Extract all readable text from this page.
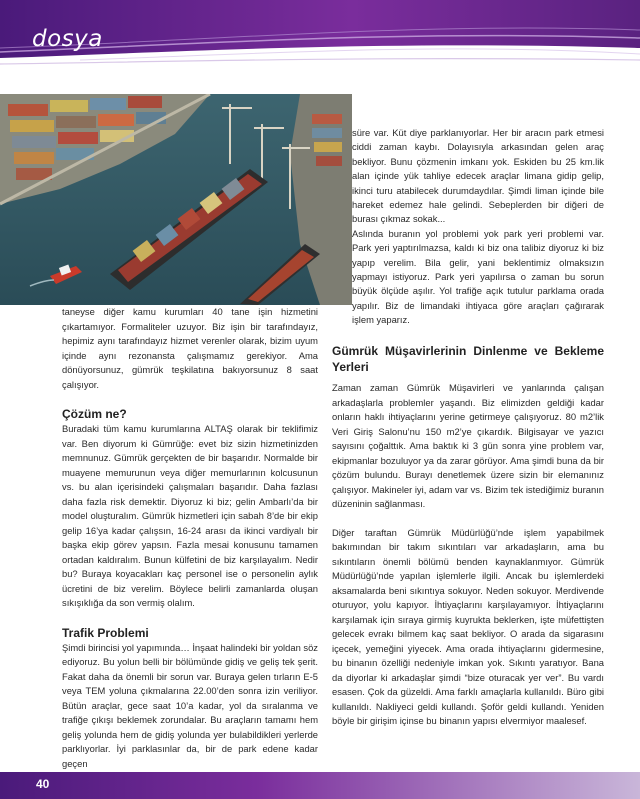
dosya

süre var. Küt diye parklanıyorlar. Her bir aracın park etmesi ciddi zaman kaybı. Dolayısıyla arkasından gelen araç bekliyor. Bunu çözmenin imkanı yok. Eskiden bu 25 km.lik alan içinde yük tahliye edecek araçlar limana gidip gelip, ikinci turu atabilecek durumdaydılar. Şimdi liman içinde bile hareket edemez hale gelindi. Sebeplerden bir diğeri de burası çıkmaz sokak...

Aslında buranın yol problemi yok park yeri problemi var. Park yeri yaptırılmazsa, kaldı ki biz ona talibiz diyoruz ki biz yapıp verelim. Bila gelir, yani beklentimiz olmaksızın yapmayı istiyoruz. Park yeri yapılırsa o zaman bu sorun büyük ölçüde aşılır. Yol trafiğe açık tutulur parklama orada yapılır. Biz de limandaki ihtiyaca göre araçları çağırarak işlem yaparız.

taneyse diğer kamu kurumları 40 tane işin hizmetini çıkartamıyor. Formaliteler uzuyor. Biz işin bir tarafındayız, hepimiz aynı tarafındayız hizmet verenler olarak, bizim uyum içinde aynı rezonansta çalışmamız gerekiyor. Ama dönüyorsunuz, gümrük teşkilatına bakıyorsunuz 8 saat çalışıyor.

Çözüm ne?

Buradaki tüm kamu kurumlarına ALTAŞ olarak bir teklifimiz var. Ben diyorum ki Gümrüğe: evet biz sizin hizmetinizden memnunuz. Gümrük gerçekten de bir başarıdır. Normalde bir muayene memurunun veya diğer memurlarının kolcusunun vs. bu alan içerisindeki çalışmaları başarıdır. Daha fazlası daha fazla risk demektir. Diyoruz ki biz; gelin Ambarlı’da bir model oluşturalım. Gümrük hizmetleri için sabah 8’de bir ekip gelip 16’ya kadar çalışsın, 16-24 arası da ikinci vardiyalı bir başka ekip görev yapsın. Fazla mesai konusunu tamamen ortadan kaldıralım. Bunun külfetini de biz karşılayalım. Nedir bu? Buraya koyacakları kaç personel ise o personelin aylık ücretini de biz verelim. Böylece belirli zamanlarda oluşan sıkışıklığa da son vermiş olalım.

Trafik Problemi

Şimdi birincisi yol yapımında… İnşaat halindeki bir yoldan söz ediyoruz. Bu yolun belli bir bölümünde gidiş ve geliş tek şerit. Fakat daha da önemli bir sorun var. Buraya gelen tırların E-5 veya TEM yoluna çıkmalarına 22.00’den sonra izin veriliyor. Bütün araçlar, gece saat 10’a kadar, yol da sıralanma ve trafiğe çıkışı beklemek zorundalar. Bu araçların tamamı hem geliş yolunda hem de gidiş yolunda yer bulabildikleri yerlerde parklıyorlar. İyi parklasınlar da, bir de park edene kadar geçen

Gümrük Müşavirlerinin Dinlenme ve Bekleme Yerleri

Zaman zaman Gümrük Müşavirleri ve yanlarında çalışan arkadaşlarla problemler yaşandı. Biz elimizden geldiği kadar onların haklı ihtiyaçlarını yerine getirmeye çalışıyoruz. 80 m2’lik Veri Giriş Salonu’nu 150 m2’ye çıkardık. Bilgisayar ve yazıcı sayısını çoğalttık. Ama baktık ki 3 gün sonra yine problem var, ekipmanlar bozuluyor ya da zarar görüyor. Ama şimdi buna da bir çözüm bulundu. Burayı denetlemek üzere sizin bir elemanınız çalışıyor. Makineler iyi, adam var vs. Bizim tek istediğimiz buranın düzeninin sağlanması.

Diğer taraftan Gümrük Müdürlüğü’nde işlem yapabilmek bakımından bir takım sıkıntıları var arkadaşların, ama bu sıkıntıların önemli bölümü benden kaynaklanmıyor. Gümrük Müdürlüğü’nde yapılan işlemlerle ilgili. Ancak bu işlemlerdeki aksamalarda beni sıkıntıya sokuyor. Neden sokuyor. Merdivende oturuyor, yolu kapıyor. İhtiyaçlarını karşılayamıyor. İhtiyaçlarını karşılamak için sıraya girmiş kuyrukta beklerken, işte müfettişten gelecek evrakı bilmem kaç saat bekliyor. O arada da sigarasını içecek, yemeğini yiyecek. Ama orada ihtiyaçlarını gidermesine, bu binanın özelliği nedeniyle imkan yok. Sıkıntı yaratıyor. Bana da diyorlar ki arkadaşlar şimdi “bize oturacak yer ver”. Bu vardı esasen. Çok da güzeldi. Ama farklı amaçlarla kullanıldı. Büro gibi kullanıldı. Nakliyeci geldi kullandı. Şoför geldi kullandı. Yeniden böyle bir girişim içinse bu binanın yapısı elvermiyor maalesef.

40
